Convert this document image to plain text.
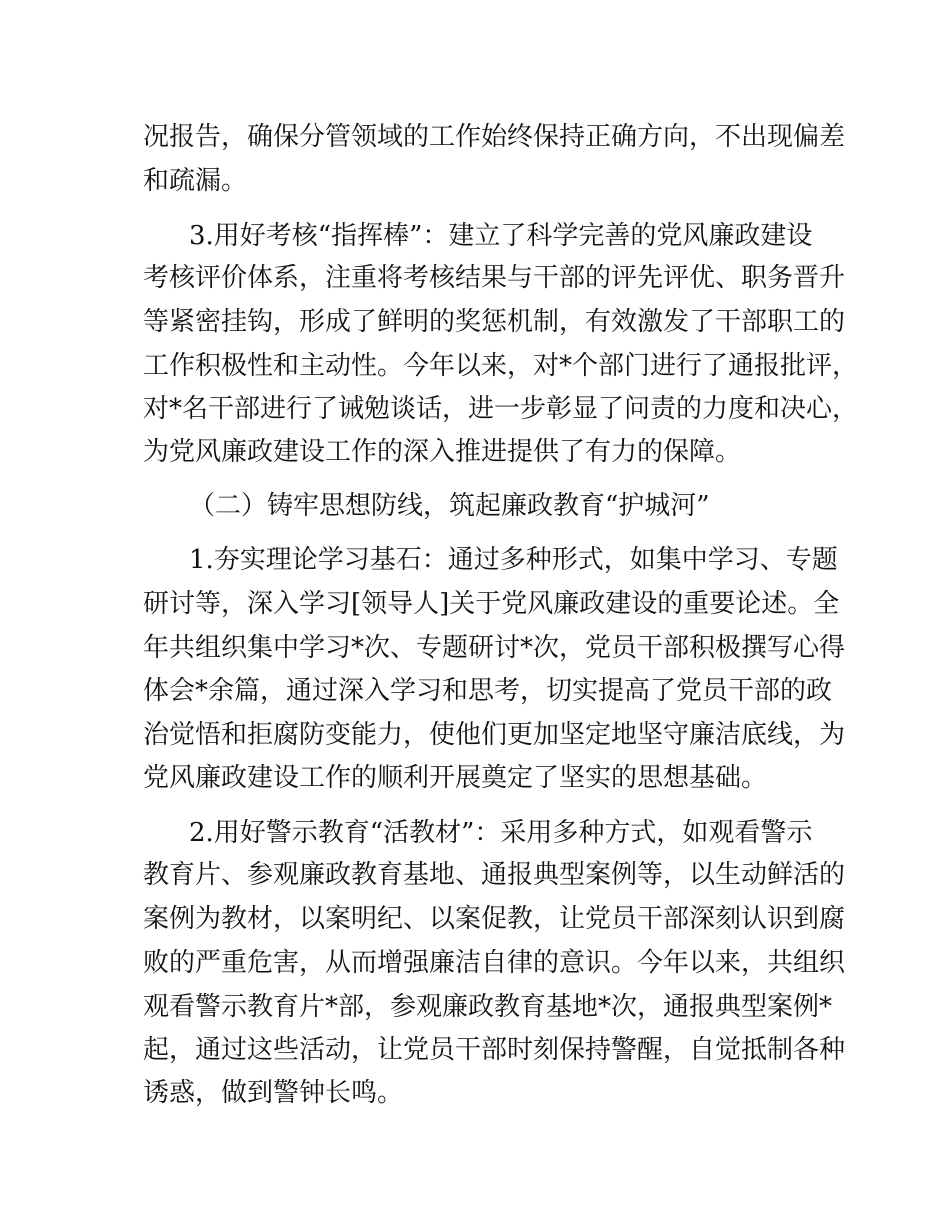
况报告，确保分管领域的工作始终保持正确方向，不出现偏差
和疏漏。
3.用好考核“指挥棒”：建立了科学完善的党风廉政建设
考核评价体系，注重将考核结果与干部的评先评优、职务晋升
等紧密挂钩，形成了鲜明的奖惩机制，有效激发了干部职工的
工作积极性和主动性。今年以来，对*个部门进行了通报批评，
对*名干部进行了诫勉谈话，进一步彰显了问责的力度和决心，
为党风廉政建设工作的深入推进提供了有力的保障。
（二）铸牢思想防线，筑起廉政教育“护城河”
1.夯实理论学习基石：通过多种形式，如集中学习、专题
研讨等，深入学习[领导人]关于党风廉政建设的重要论述。全
年共组织集中学习*次、专题研讨*次，党员干部积极撰写心得
体会*余篇，通过深入学习和思考，切实提高了党员干部的政
治觉悟和拒腐防变能力，使他们更加坚定地坚守廉洁底线，为
党风廉政建设工作的顺利开展奠定了坚实的思想基础。
2.用好警示教育“活教材”：采用多种方式，如观看警示
教育片、参观廉政教育基地、通报典型案例等，以生动鲜活的
案例为教材，以案明纪、以案促教，让党员干部深刻认识到腐
败的严重危害，从而增强廉洁自律的意识。今年以来，共组织
观看警示教育片*部，参观廉政教育基地*次，通报典型案例*
起，通过这些活动，让党员干部时刻保持警醒，自觉抵制各种
诱惑，做到警钟长鸣。
